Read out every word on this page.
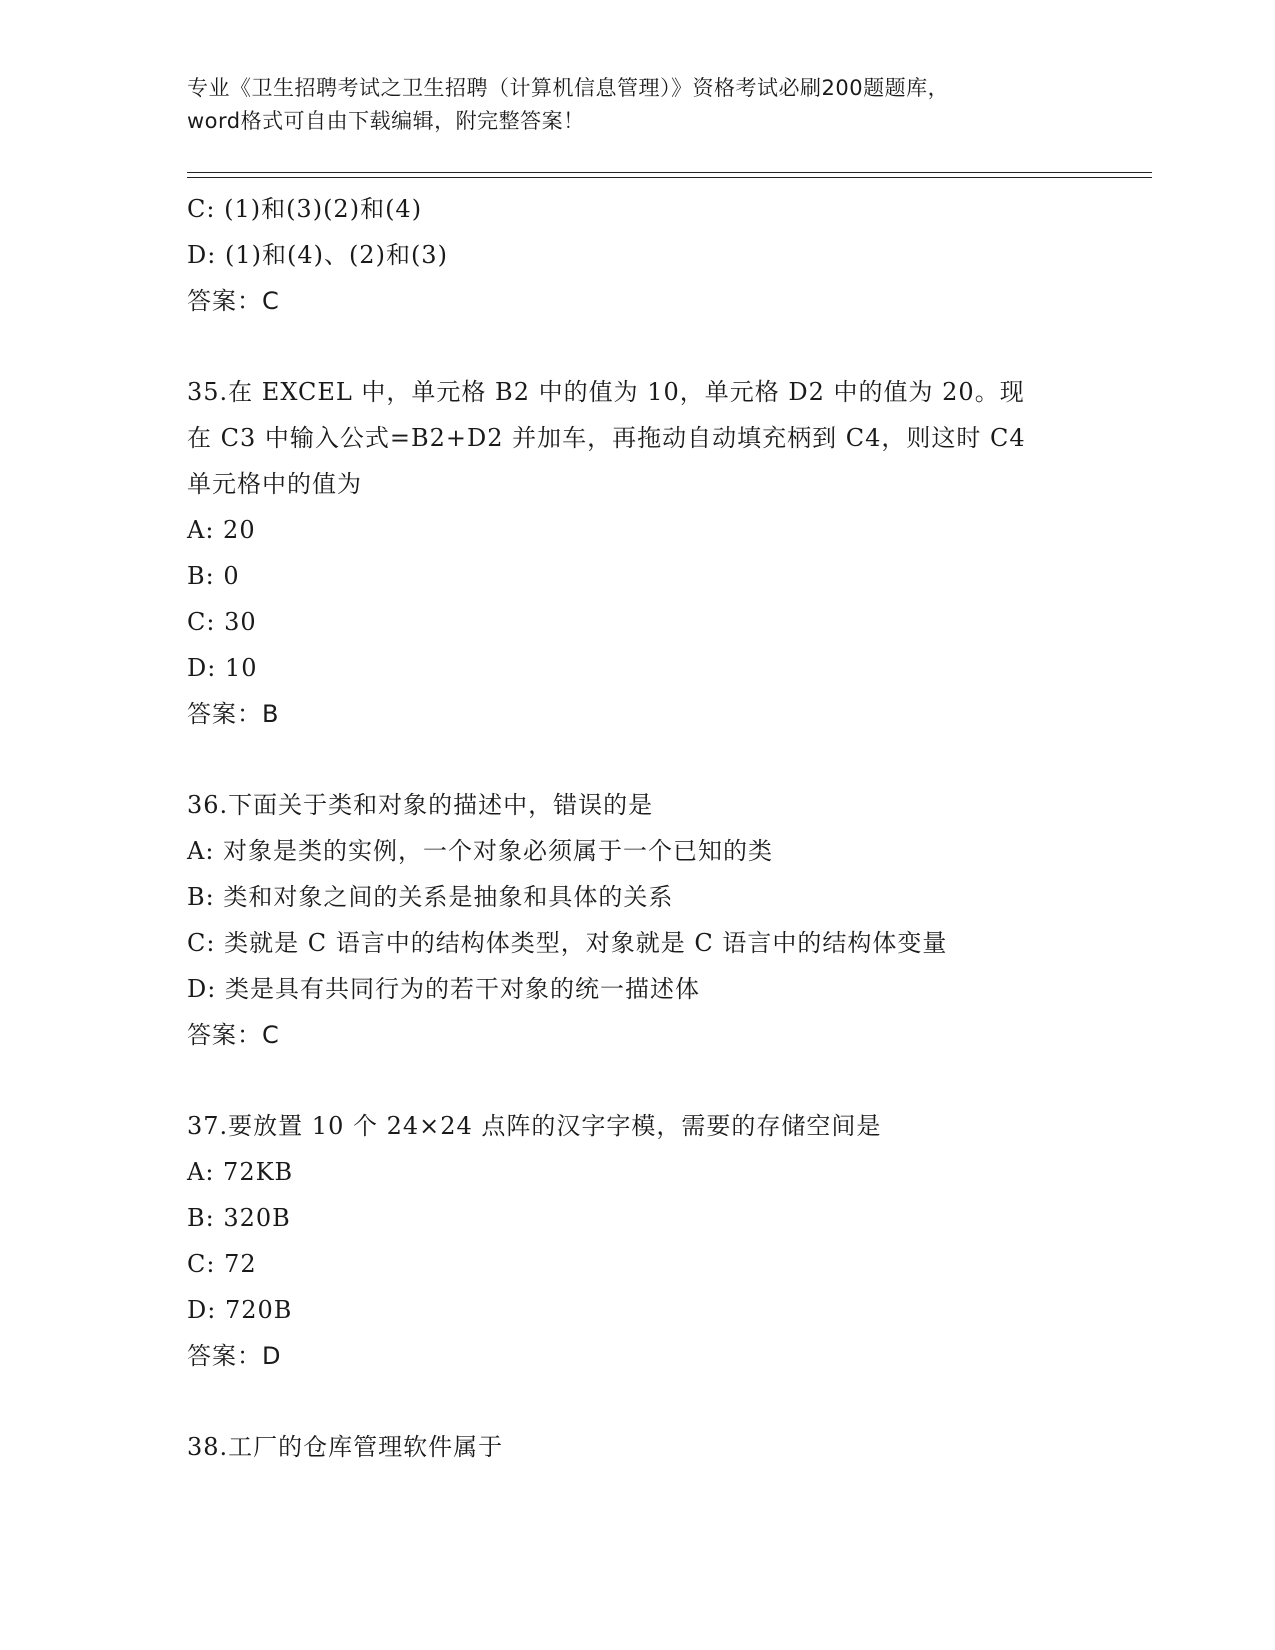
专业《卫生招聘考试之卫生招聘（计算机信息管理）》资格考试必刷200题题库，
word格式可自由下载编辑，附完整答案！
C: (1)和(3)(2)和(4)
D: (1)和(4)、(2)和(3)
答案：C
35.在 EXCEL 中，单元格 B2 中的值为 10，单元格 D2 中的值为 20。现
在 C3 中输入公式=B2+D2 并加车，再拖动自动填充柄到 C4，则这时 C4
单元格中的值为
A: 20
B: 0
C: 30
D: 10
答案：B
36.下面关于类和对象的描述中，错误的是
A: 对象是类的实例，一个对象必须属于一个已知的类
B: 类和对象之间的关系是抽象和具体的关系
C: 类就是 C 语言中的结构体类型，对象就是 C 语言中的结构体变量
D: 类是具有共同行为的若干对象的统一描述体
答案：C
37.要放置 10 个 24×24 点阵的汉字字模，需要的存储空间是
A: 72KB
B: 320B
C: 72
D: 720B
答案：D
38.工厂的仓库管理软件属于
